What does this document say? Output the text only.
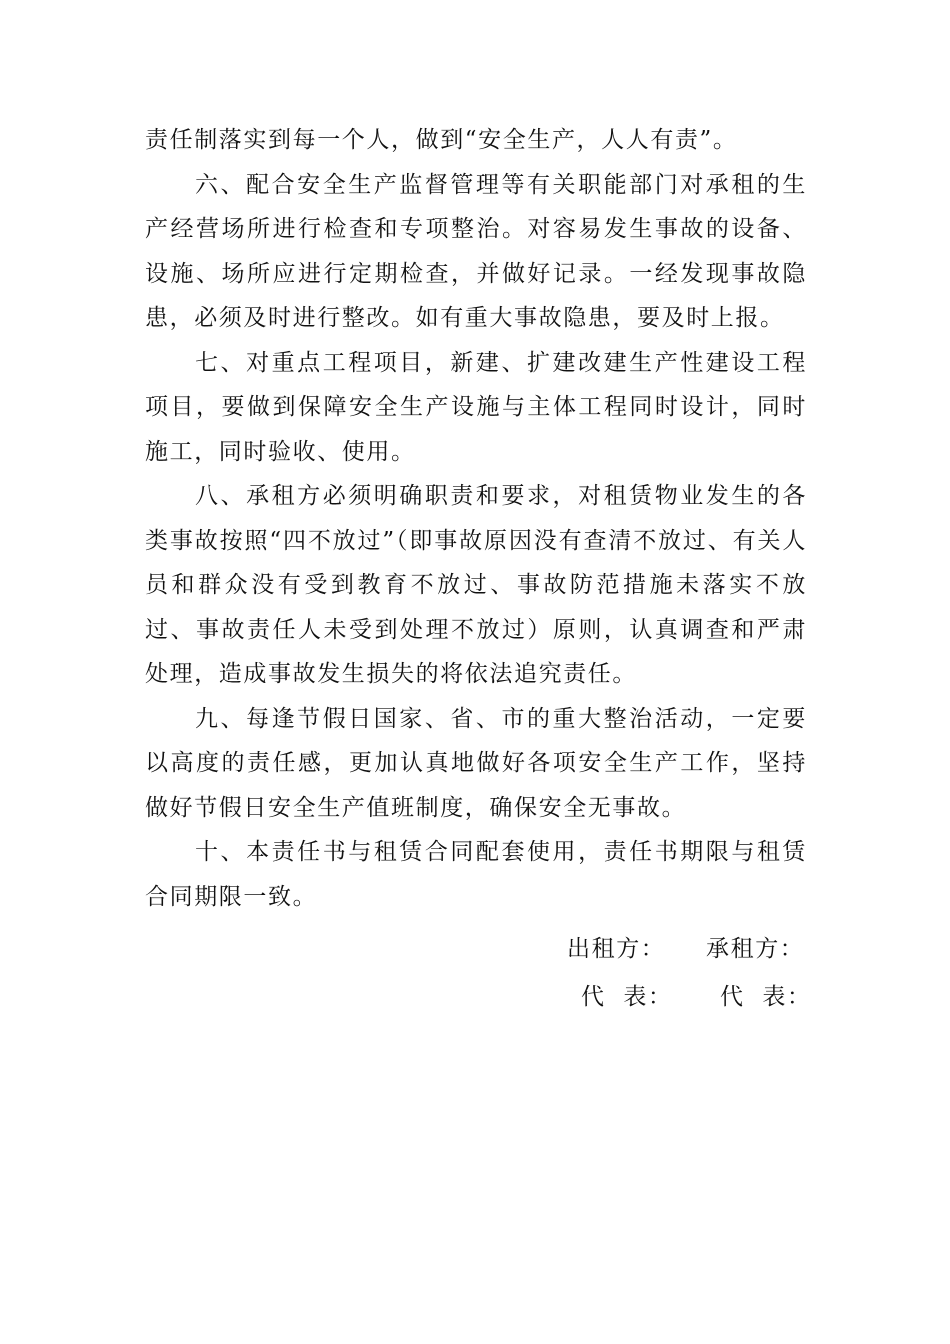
责任制落实到每一个人，做到“安全生产，人人有责”。

六、配合安全生产监督管理等有关职能部门对承租的生产经营场所进行检查和专项整治。对容易发生事故的设备、设施、场所应进行定期检查，并做好记录。一经发现事故隐患，必须及时进行整改。如有重大事故隐患，要及时上报。

七、对重点工程项目，新建、扩建改建生产性建设工程项目，要做到保障安全生产设施与主体工程同时设计，同时施工，同时验收、使用。

八、承租方必须明确职责和要求，对租赁物业发生的各类事故按照“四不放过”（即事故原因没有查清不放过、有关人员和群众没有受到教育不放过、事故防范措施未落实不放过、事故责任人未受到处理不放过）原则，认真调查和严肃处理，造成事故发生损失的将依法追究责任。

九、每逢节假日国家、省、市的重大整治活动，一定要以高度的责任感，更加认真地做好各项安全生产工作，坚持做好节假日安全生产值班制度，确保安全无事故。

十、本责任书与租赁合同配套使用，责任书期限与租赁合同期限一致。

出租方： 承租方：
代  表： 代  表：
